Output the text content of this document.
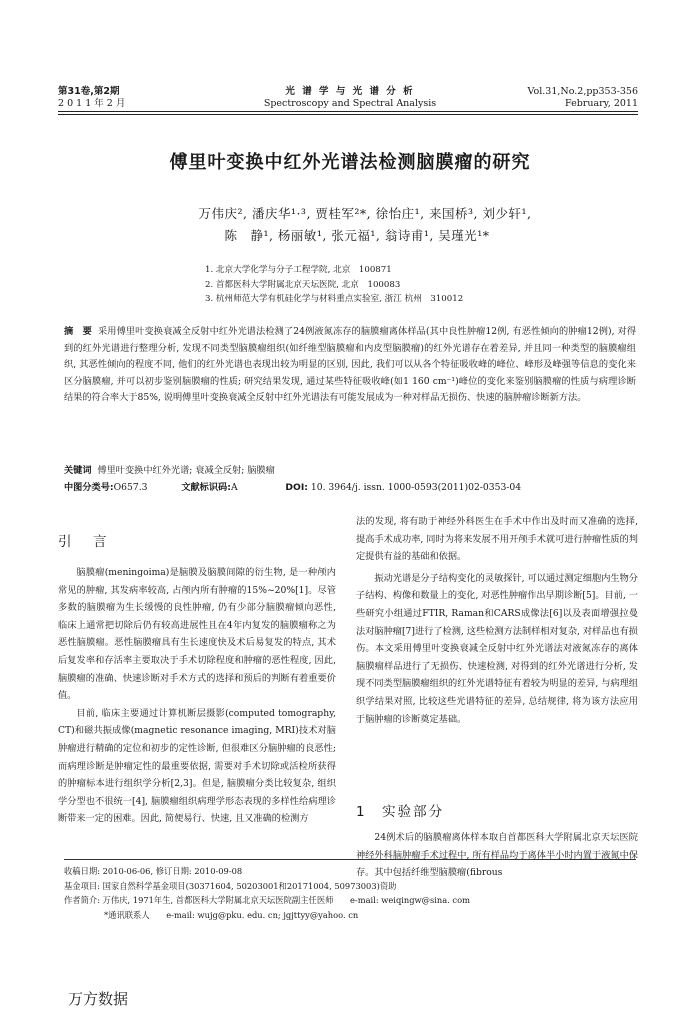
第31卷,第2期
2 0 1 1 年 2 月
光 谱 学 与 光 谱 分 析
Spectroscopy and Spectral Analysis
Vol.31,No.2,pp353-356
February, 2011
傅里叶变换中红外光谱法检测脑膜瘤的研究
万伟庆², 潘庆华¹·³, 贾桂军²*, 徐怡庄¹, 来国桥³, 刘少轩¹,
陈　静¹, 杨丽敏¹, 张元福¹, 翁诗甫¹, 吴瑾光¹*
1. 北京大学化学与分子工程学院, 北京　100871
2. 首都医科大学附属北京天坛医院, 北京　100083
3. 杭州师范大学有机硅化学与材料重点实验室, 浙江 杭州　310012
摘　要 采用傅里叶变换衰减全反射中红外光谱法检测了24例液氮冻存的脑膜瘤离体样品(其中良性肿瘤12例, 有恶性倾向的肿瘤12例), 对得到的红外光谱进行整理分析, 发现不同类型脑膜瘤组织(如纤维型脑膜瘤和内皮型脑膜瘤)的红外光谱存在着差异, 并且同一种类型的脑膜瘤组织, 其恶性倾向的程度不同, 他们的红外光谱也表现出较为明显的区别, 因此, 我们可以从各个特征吸收峰的峰位、峰形及峰强等信息的变化来区分脑膜瘤, 并可以初步鉴别脑膜瘤的性质; 研究结果发现, 通过某些特征吸收峰(如1 160 cm⁻¹)峰位的变化来鉴别脑膜瘤的性质与病理诊断结果的符合率大于85%, 说明傅里叶变换衰减全反射中红外光谱法有可能发展成为一种对样品无损伤、快速的脑肿瘤诊断新方法。
关键词 傅里叶变换中红外光谱; 衰减全反射; 脑膜瘤
中图分类号:O657.3	文献标识码:A	DOI: 10. 3964/j. issn. 1000-0593(2011)02-0353-04
引　言

脑膜瘤(meningoima)是脑膜及脑膜间隙的衍生物, 是一种颅内常见的肿瘤, 其发病率较高, 占颅内所有肿瘤的15%~20%[1]。尽管多数的脑膜瘤为生长缓慢的良性肿瘤, 仍有少部分脑膜瘤倾向恶性, 临床上通常把切除后仍有较高进展性且在4年内复发的脑膜瘤称之为恶性脑膜瘤。恶性脑膜瘤具有生长速度快及术后易复发的特点, 其术后复发率和存活率主要取决于手术切除程度和肿瘤的恶性程度, 因此, 脑膜瘤的准确、快速诊断对手术方式的选择和预后的判断有着重要价值。

目前, 临床主要通过计算机断层摄影(computed tomography, CT)和磁共振成像(magnetic resonance imaging, MRI)技术对脑肿瘤进行精确的定位和初步的定性诊断, 但很难区分脑肿瘤的良恶性; 而病理诊断是肿瘤定性的最重要依据, 需要对手术切除或活检所获得的肿瘤标本进行组织学分析[2,3]。但是, 脑膜瘤分类比较复杂, 组织学分型也不很统一[4], 脑膜瘤组织病理学形态表现的多样性给病理诊断带来一定的困难。因此, 简便易行、快速, 且又准确的检测方

法的发现, 将有助于神经外科医生在手术中作出及时而又准确的选择, 提高手术成功率, 同时为将来发展不用开颅手术就可进行肿瘤性质的判定提供有益的基础和依据。

振动光谱是分子结构变化的灵敏探针, 可以通过测定细胞内生物分子结构、构像和数量上的变化, 对恶性肿瘤作出早期诊断[5]。目前, 一些研究小组通过FTIR, Raman和CARS成像法[6]以及表面增强拉曼法对脑肿瘤[7]进行了检测, 这些检测方法制样相对复杂, 对样品也有损伤。本文采用傅里叶变换衰减全反射中红外光谱法对液氮冻存的离体脑膜瘤样品进行了无损伤、快速检测, 对得到的红外光谱进行分析, 发现不同类型脑膜瘤组织的红外光谱特征有着较为明显的差异, 与病理组织学结果对照, 比较这些光谱特征的差异, 总结规律, 将为该方法应用于脑肿瘤的诊断奠定基础。

1　实验部分

24例术后的脑膜瘤离体样本取自首都医科大学附属北京天坛医院神经外科脑肿瘤手术过程中, 所有样品均于离体半小时内置于液氮中保存。其中包括纤维型脑膜瘤(fibrous

收稿日期: 2010-06-06, 修订日期: 2010-09-08
基金项目: 国家自然科学基金项目(30371604, 50203001和20171004, 50973003)资助
作者简介: 万伟庆, 1971年生, 首都医科大学附属北京天坛医院副主任医师　　e-mail: weiqingw@sina. com
*通讯联系人　　e-mail: wujg@pku. edu. cn; jgjttyy@yahoo. cn
万方数据
